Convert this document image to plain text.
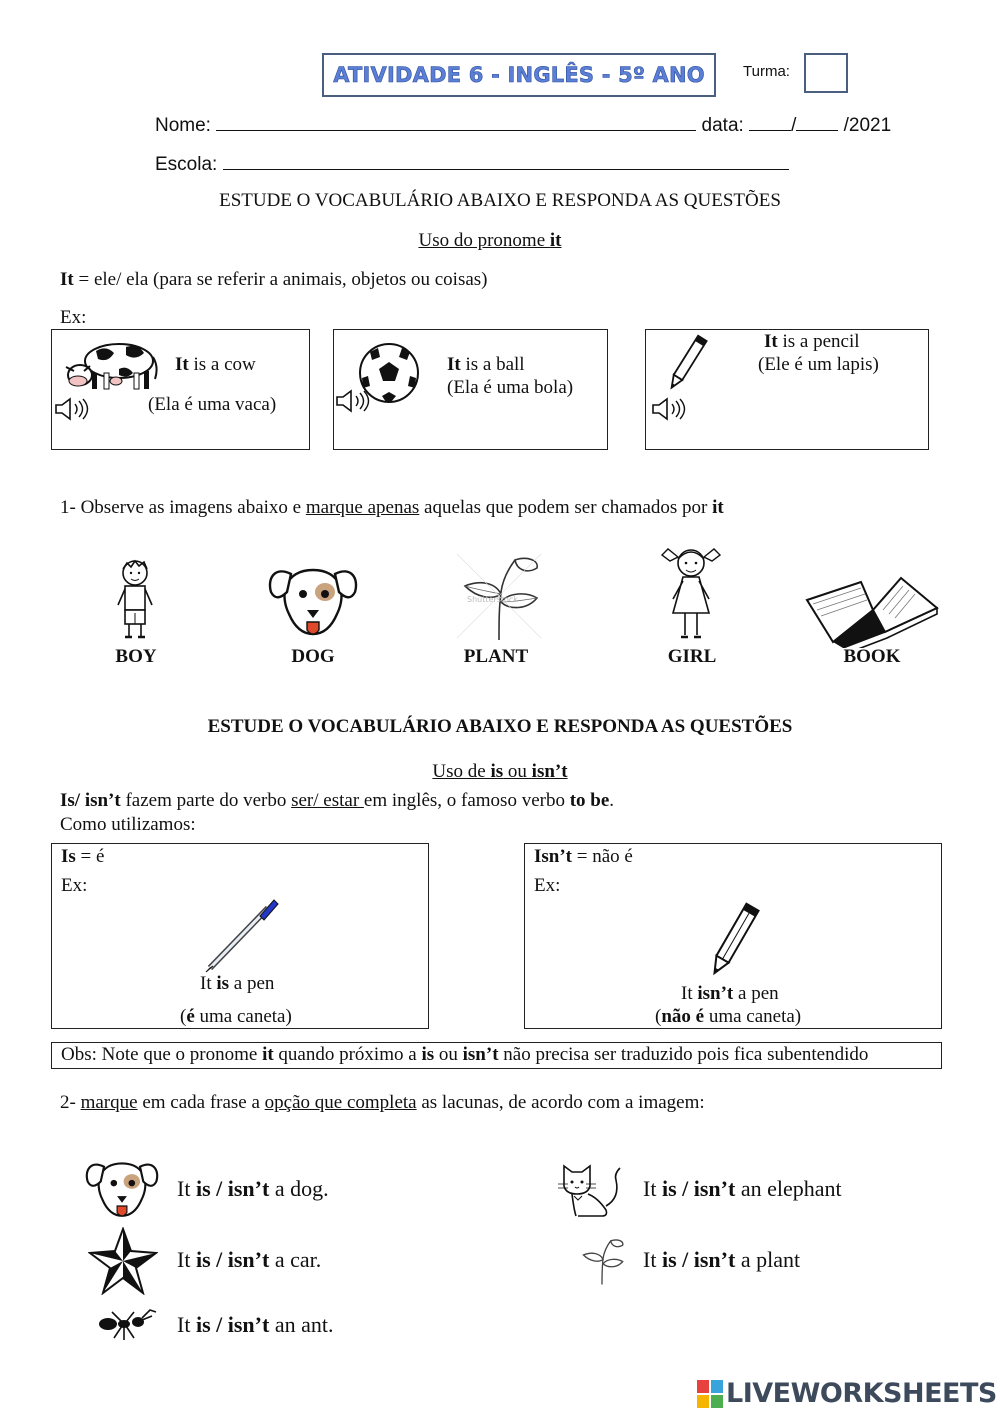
ATIVIDADE 6 - INGLÊS - 5º ANO	Turma:
Nome:	data: / /2021
Escola:
ESTUDE O VOCABULÁRIO ABAIXO E RESPONDA AS QUESTÕES
Uso do pronome it
It = ele/ ela (para se referir a animais, objetos ou coisas)
Ex:
It is a cow
(Ela é uma vaca)
It is a ball
(Ela é uma bola)
It is a pencil
(Ele é um lapis)
1- Observe as imagens abaixo e marque apenas aquelas que podem ser chamados por it
Shutterstock
BOY	DOG	PLANT	GIRL	BOOK
ESTUDE O VOCABULÁRIO ABAIXO E RESPONDA AS QUESTÕES
Uso de is ou isn’t
Is/ isn’t fazem parte do verbo ser/ estar em inglês, o famoso verbo to be.
Como utilizamos:
Is = é
Ex:
It is a pen
(é uma caneta)
Isn’t = não é
Ex:
It isn’t a pen
(não é uma caneta)
Obs: Note que o pronome it quando próximo a is ou isn’t não precisa ser traduzido pois fica subentendido
2- marque em cada frase a opção que completa as lacunas, de acordo com a imagem:
It is / isn’t a dog.
It is / isn’t a car.
It is / isn’t an ant.
It is / isn’t an elephant
It is / isn’t a plant
LIVEWORKSHEETS
